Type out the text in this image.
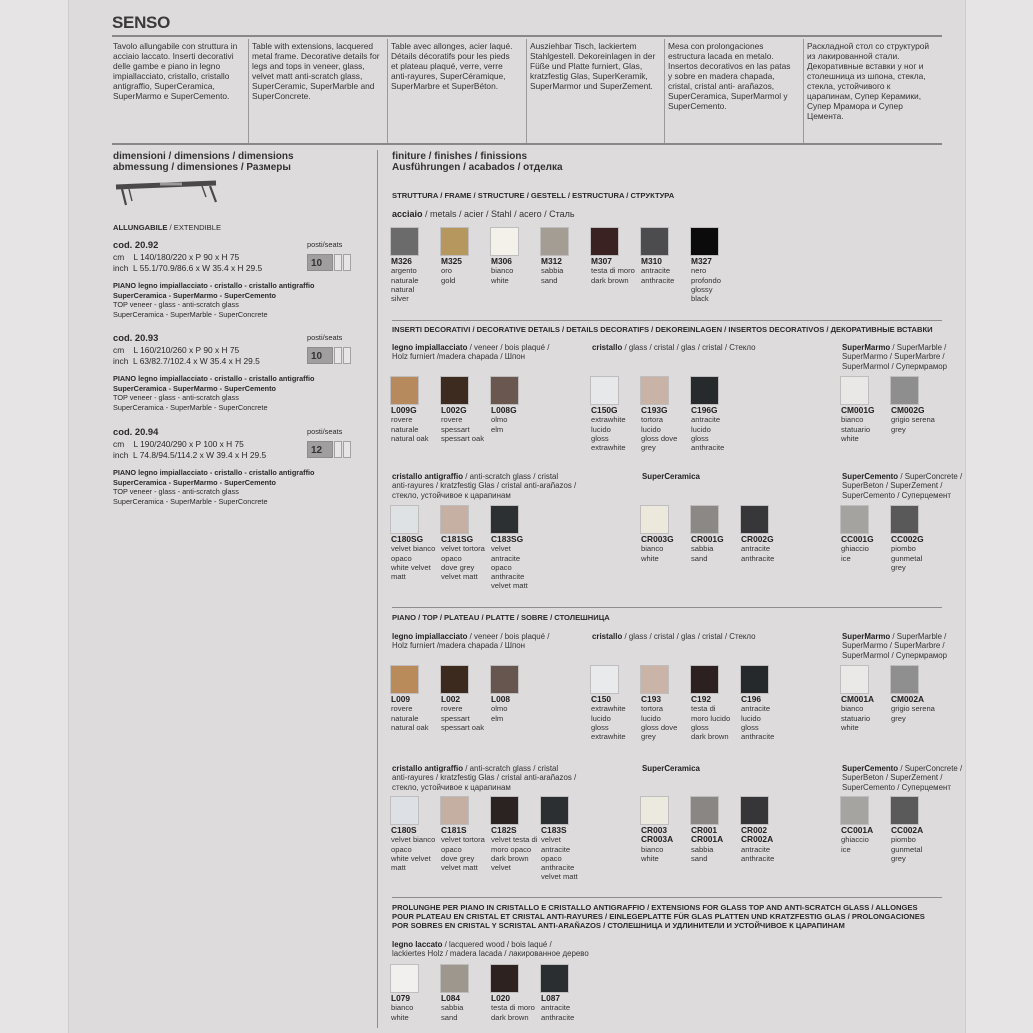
SENSO
Tavolo allungabile con struttura in acciaio laccato. Inserti decorativi delle gambe e piano in legno impiallacciato, cristallo, cristallo antigraffio, SuperCeramica, SuperMarmo e SuperCemento.
Table with extensions, lacquered metal frame. Decorative details for legs and tops in veneer, glass, velvet matt anti-scratch glass, SuperCeramic, SuperMarble and SuperConcrete.
Table avec allonges, acier laqué. Détails décoratifs pour les pieds et plateau plaqué, verre, verre anti-rayures, SuperCéramique, SuperMarbre et SuperBéton.
Ausziehbar Tisch, lackiertem Stahlgestell. Dekoreinlagen in der Füße und Platte furniert, Glas, kratzfestig Glas, SuperKeramik, SuperMarmor und SuperZement.
Mesa con prolongaciones estructura lacada en metalo. Insertos decorativos en las patas y sobre en madera chapada, cristal, cristal anti- arañazos, SuperCeramica, SuperMarmol y SuperCemento.
Раскладной стол со структурой из лакированной стали. Декоративные вставки у ног и столешница из шпона, стекла, стекла, устойчивого к царапинам, Супер Керамики, Супер Мрамора и Супер Цемента.
dimensioni / dimensions / dimensions
abmessung / dimensiones / Размеры
ALLUNGABILE / EXTENDIBLE
cod. 20.92
cm    L 140/180/220 x P 90 x H 75
inch  L 55.1/70.9/86.6 x W 35.4 x H 29.5
posti/seats
10
PIANO legno impiallacciato - cristallo - cristallo antigraffio
SuperCeramica - SuperMarmo - SuperCemento
TOP veneer - glass - anti-scratch glass
SuperCeramica - SuperMarble - SuperConcrete
cod. 20.93
cm    L 160/210/260 x P 90 x H 75
inch  L 63/82.7/102.4 x W 35.4 x H 29.5
posti/seats
10
PIANO legno impiallacciato - cristallo - cristallo antigraffio
SuperCeramica - SuperMarmo - SuperCemento
TOP veneer - glass - anti-scratch glass
SuperCeramica - SuperMarble - SuperConcrete
cod. 20.94
cm    L 190/240/290 x P 100 x H 75
inch  L 74.8/94.5/114.2 x W 39.4 x H 29.5
posti/seats
12
PIANO legno impiallacciato - cristallo - cristallo antigraffio
SuperCeramica - SuperMarmo - SuperCemento
TOP veneer - glass - anti-scratch glass
SuperCeramica - SuperMarble - SuperConcrete
finiture / finishes / finissions
Ausführungen / acabados / отделка
STRUTTURA / FRAME / STRUCTURE / GESTELL / ESTRUCTURA / СТРУКТУРА
acciaio / metals / acier / Stahl / acero / Сталь
INSERTI DECORATIVI / DECORATIVE DETAILS / DETAILS DECORATIFS / DEKOREINLAGEN / INSERTOS DECORATIVOS / ДЕКОРАТИВНЫЕ ВСТАВКИ
legno impiallacciato / veneer / bois plaqué /
Holz furniert /madera chapada / Шпон
cristallo / glass / cristal / glas / cristal / Стекло	SuperMarmo / SuperMarble /
SuperMarmo / SuperMarbre /
SuperMarmol / Супермрамор
cristallo antigraffio / anti-scratch glass / cristal
anti-rayures / kratzfestig Glas / cristal anti-arañazos /
стекло, устойчивое к царапинам
SuperCeramica	SuperCemento / SuperConcrete /
SuperBeton / SuperZement /
SuperCemento / Суперцемент
PIANO / TOP / PLATEAU / PLATTE / SOBRE / СТОЛЕШНИЦА
legno impiallacciato / veneer / bois plaqué /
Holz furniert /madera chapada / Шпон
cristallo / glass / cristal / glas / cristal / Стекло	SuperMarmo / SuperMarble /
SuperMarmo / SuperMarbre /
SuperMarmol / Супермрамор
cristallo antigraffio / anti-scratch glass / cristal
anti-rayures / kratzfestig Glas / cristal anti-arañazos /
стекло, устойчивое к царапинам
SuperCeramica	SuperCemento / SuperConcrete /
SuperBeton / SuperZement /
SuperCemento / Суперцемент
PROLUNGHE PER PIANO IN CRISTALLO E CRISTALLO ANTIGRAFFIO / EXTENSIONS FOR GLASS TOP AND ANTI-SCRATCH GLASS / ALLONGES
POUR PLATEAU EN CRISTAL ET CRISTAL ANTI-RAYURES / EINLEGEPLATTE FÜR GLAS PLATTEN UND KRATZFESTIG GLAS / PROLONGACIONES
POR SOBRES EN CRISTAL Y SCRISTAL ANTI-ARAÑAZOS / СТОЛЕШНИЦА И УДЛИНИТЕЛИ И УСТОЙЧИВОЕ К ЦАРАПИНАМ
legno laccato / lacquered wood / bois laqué /
lackiertes Holz / madera lacada / лакированное дерево
M326
argento
naturale
natural
silver
M325
oro
gold
M306
bianco
white
M312
sabbia
sand
M307
testa di moro
dark brown
M310
antracite
anthracite
M327
nero
profondo
glossy
black
L009G
rovere
naturale
natural oak
L002G
rovere
spessart
spessart oak
L008G
olmo
elm
C150G
extrawhite
lucido
gloss
extrawhite
C193G
tortora
lucido
gloss dove
grey
C196G
antracite
lucido
gloss
anthracite
CM001G
bianco
statuario
white
CM002G
grigio serena
grey
C180SG
velvet bianco
opaco
white velvet
matt
C181SG
velvet tortora
opaco
dove grey
velvet matt
C183SG
velvet antracite
opaco
anthracite
velvet matt
CR003G
bianco
white
CR001G
sabbia
sand
CR002G
antracite
anthracite
CC001G
ghiaccio
ice
CC002G
piombo
gunmetal
grey
L009
rovere
naturale
natural oak
L002
rovere
spessart
spessart oak
L008
olmo
elm
C150
extrawhite
lucido
gloss
extrawhite
C193
tortora
lucido
gloss dove
grey
C192
testa di
moro lucido
gloss
dark brown
C196
antracite
lucido
gloss
anthracite
CM001A
bianco
statuario
white
CM002A
grigio serena
grey
C180S
velvet bianco
opaco
white velvet
matt
C181S
velvet tortora
opaco
dove grey
velvet matt
C182S
velvet testa di
moro opaco
dark brown
velvet
C183S
velvet antracite
opaco
anthracite
velvet matt
CR003
CR003A
bianco
white
CR001
CR001A
sabbia
sand
CR002
CR002A
antracite
anthracite
CC001A
ghiaccio
ice
CC002A
piombo
gunmetal
grey
L079
bianco
white
L084
sabbia
sand
L020
testa di moro
dark brown
L087
antracite
anthracite
